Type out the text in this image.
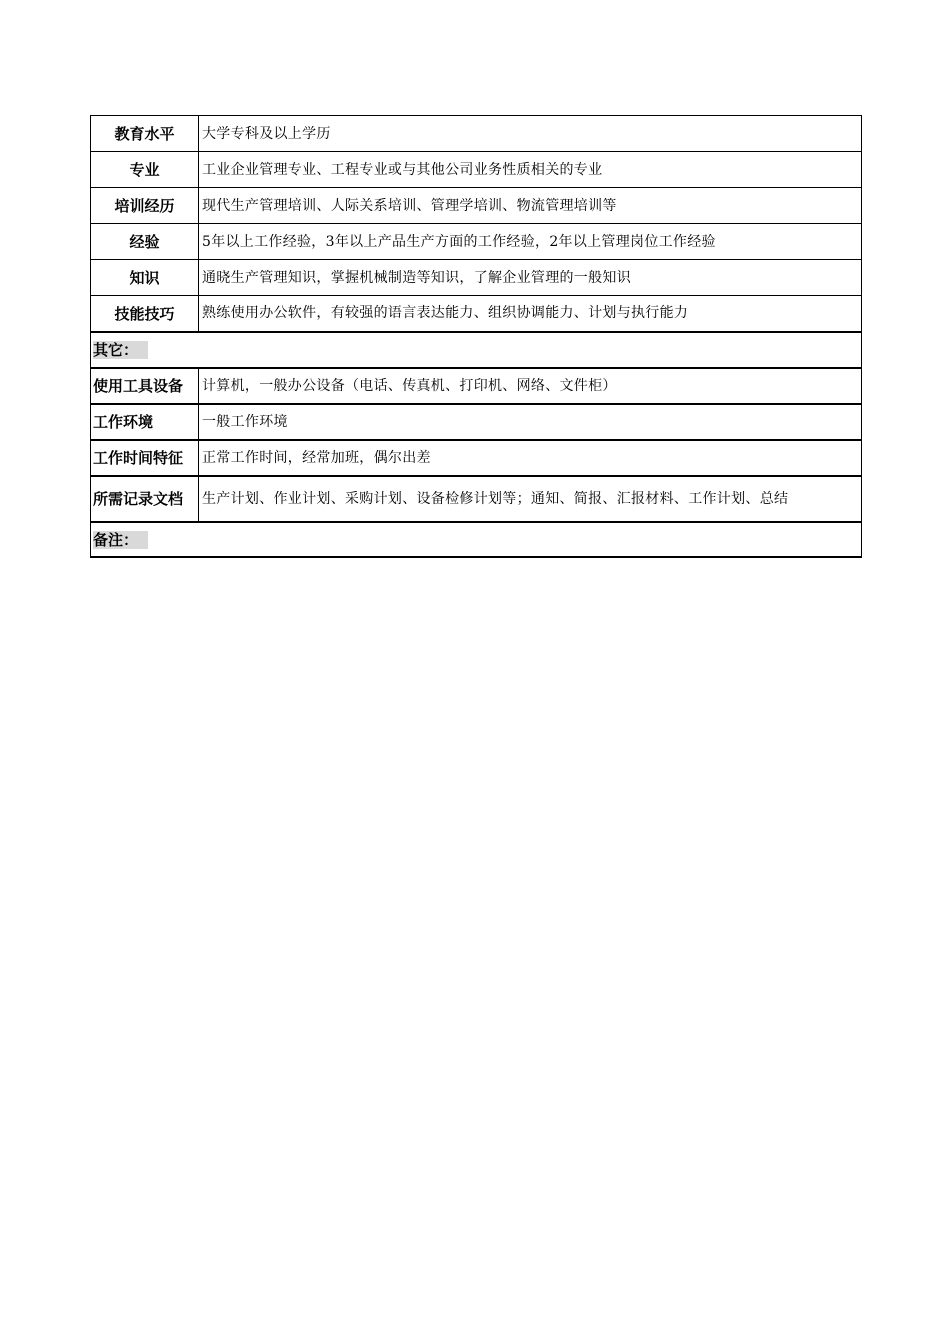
教育水平	大学专科及以上学历
专业	工业企业管理专业、工程专业或与其他公司业务性质相关的专业
培训经历	现代生产管理培训、人际关系培训、管理学培训、物流管理培训等
经验	5年以上工作经验，3年以上产品生产方面的工作经验，2年以上管理岗位工作经验
知识	通晓生产管理知识，掌握机械制造等知识，了解企业管理的一般知识
技能技巧	熟练使用办公软件，有较强的语言表达能力、组织协调能力、计划与执行能力
其它：	
使用工具设备	计算机，一般办公设备（电话、传真机、打印机、网络、文件柜）
工作环境	一般工作环境
工作时间特征	正常工作时间，经常加班，偶尔出差
所需记录文档	生产计划、作业计划、采购计划、设备检修计划等；通知、简报、汇报材料、工作计划、总结
备注：	
